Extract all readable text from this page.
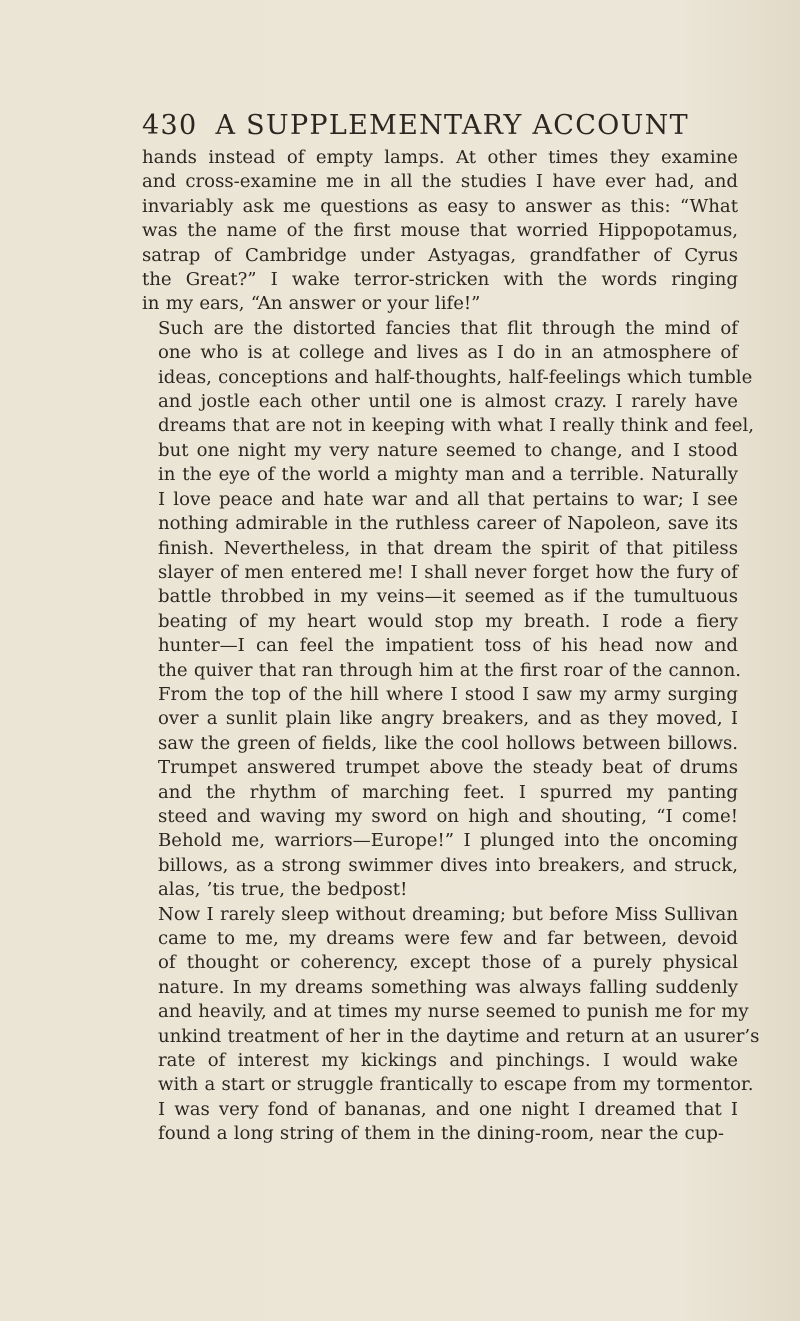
430 A SUPPLEMENTARY ACCOUNT

hands instead of empty lamps. At other times they examine
and cross-examine me in all the studies I have ever had, and
invariably ask me questions as easy to answer as this: “What
was the name of the first mouse that worried Hippopotamus,
satrap of Cambridge under Astyagas, grandfather of Cyrus
the Great?” I wake terror-stricken with the words ringing
in my ears, “An answer or your life!”

Such are the distorted fancies that flit through the mind of
one who is at college and lives as I do in an atmosphere of
ideas, conceptions and half-thoughts, half-feelings which tumble
and jostle each other until one is almost crazy. I rarely have
dreams that are not in keeping with what I really think and feel,
but one night my very nature seemed to change, and I stood
in the eye of the world a mighty man and a terrible. Naturally
I love peace and hate war and all that pertains to war; I see
nothing admirable in the ruthless career of Napoleon, save its
finish. Nevertheless, in that dream the spirit of that pitiless
slayer of men entered me! I shall never forget how the fury of
battle throbbed in my veins—it seemed as if the tumultuous
beating of my heart would stop my breath. I rode a fiery
hunter—I can feel the impatient toss of his head now and
the quiver that ran through him at the first roar of the cannon.

From the top of the hill where I stood I saw my army surging
over a sunlit plain like angry breakers, and as they moved, I
saw the green of fields, like the cool hollows between billows.
Trumpet answered trumpet above the steady beat of drums
and the rhythm of marching feet. I spurred my panting
steed and waving my sword on high and shouting, “I come!
Behold me, warriors—Europe!” I plunged into the oncoming
billows, as a strong swimmer dives into breakers, and struck,
alas, ’tis true, the bedpost!

Now I rarely sleep without dreaming; but before Miss Sullivan
came to me, my dreams were few and far between, devoid
of thought or coherency, except those of a purely physical
nature. In my dreams something was always falling suddenly
and heavily, and at times my nurse seemed to punish me for my
unkind treatment of her in the daytime and return at an usurer’s
rate of interest my kickings and pinchings. I would wake
with a start or struggle frantically to escape from my tormentor.
I was very fond of bananas, and one night I dreamed that I
found a long string of them in the dining-room, near the cup-
